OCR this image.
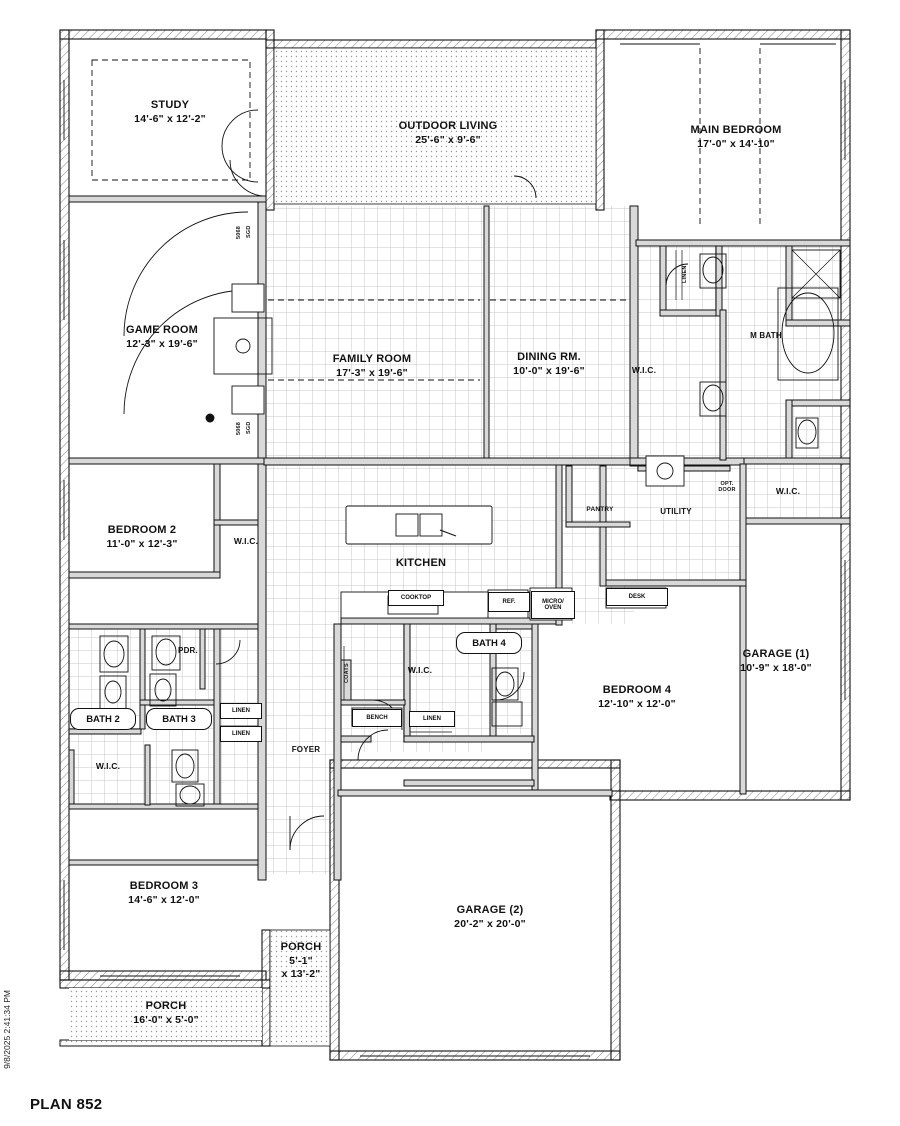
STUDY
14'-6" x 12'-2"
OUTDOOR LIVING
25'-6" x 9'-6"
MAIN BEDROOM
17'-0" x 14'-10"
GAME ROOM
12'-3" x 19'-6"
FAMILY ROOM
17'-3" x 19'-6"
DINING RM.
10'-0" x 19'-6"
BEDROOM 2
11'-0" x 12'-3"
BEDROOM 3
14'-6" x 12'-0"
BEDROOM 4
12'-10" x 12'-0"
GARAGE (1)
10'-9" x 18'-0"
GARAGE (2)
20'-2" x 20'-0"
PORCH
16'-0" x 5'-0"
PORCH
5'-1"
x 13'-2"
KITCHEN
UTILITY
PANTRY
FOYER
M BATH
PDR.
W.I.C.
W.I.C.
W.I.C.
W.I.C.
W.I.C.
LINEN
LINEN
LINEN
LINEN
BENCH
COATS
DESK
REF.
COOKTOP
MICRO/
OVEN
OPT.
DOOR
5068 SGD
5068 SGD
BATH 2	BATH 3
BATH 4
PLAN 852
9/8/2025 2:41:34 PM
